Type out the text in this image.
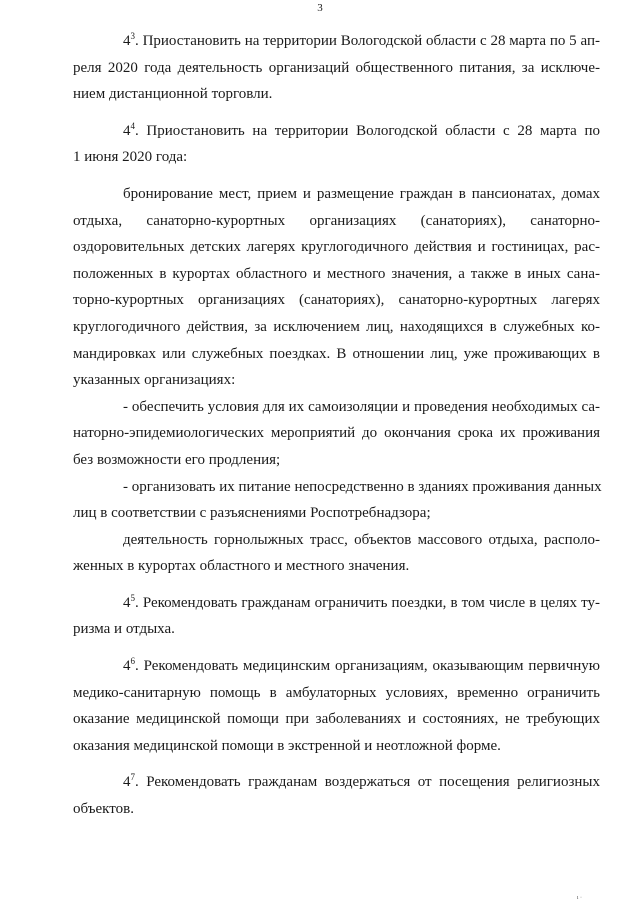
3
$4^3$. Приостановить на территории Вологодской области с 28 марта по 5 ап-
реля 2020 года деятельность организаций общественного питания, за исключе-
нием дистанционной торговли.
$4^4$. Приостановить на территории Вологодской области с 28 марта по
1 июня 2020 года:
бронирование мест, прием и размещение граждан в пансионатах, домах
отдыха, санаторно-курортных организациях (санаториях), санаторно-
оздоровительных детских лагерях круглогодичного действия и гостиницах, рас-
положенных в курортах областного и местного значения, а также в иных сана-
торно-курортных организациях (санаториях), санаторно-курортных лагерях
круглогодичного действия, за исключением лиц, находящихся в служебных ко-
мандировках или служебных поездках. В отношении лиц, уже проживающих в
указанных организациях:
- обеспечить условия для их самоизоляции и проведения необходимых са-
наторно-эпидемиологических мероприятий до окончания срока их проживания
без возможности его продления;
- организовать их питание непосредственно в зданиях проживания данных
лиц в соответствии с разъяснениями Роспотребнадзора;
деятельность горнолыжных трасс, объектов массового отдыха, располо-
женных в курортах областного и местного значения.
$4^5$. Рекомендовать гражданам ограничить поездки, в том числе в целях ту-
ризма и отдыха.
$4^6$. Рекомендовать медицинским организациям, оказывающим первичную
медико-санитарную помощь в амбулаторных условиях, временно ограничить
оказание медицинской помощи при заболеваниях и состояниях, не требующих
оказания медицинской помощи в экстренной и неотложной форме.
$4^7$. Рекомендовать гражданам воздержаться от посещения религиозных
объектов.
ı ·
